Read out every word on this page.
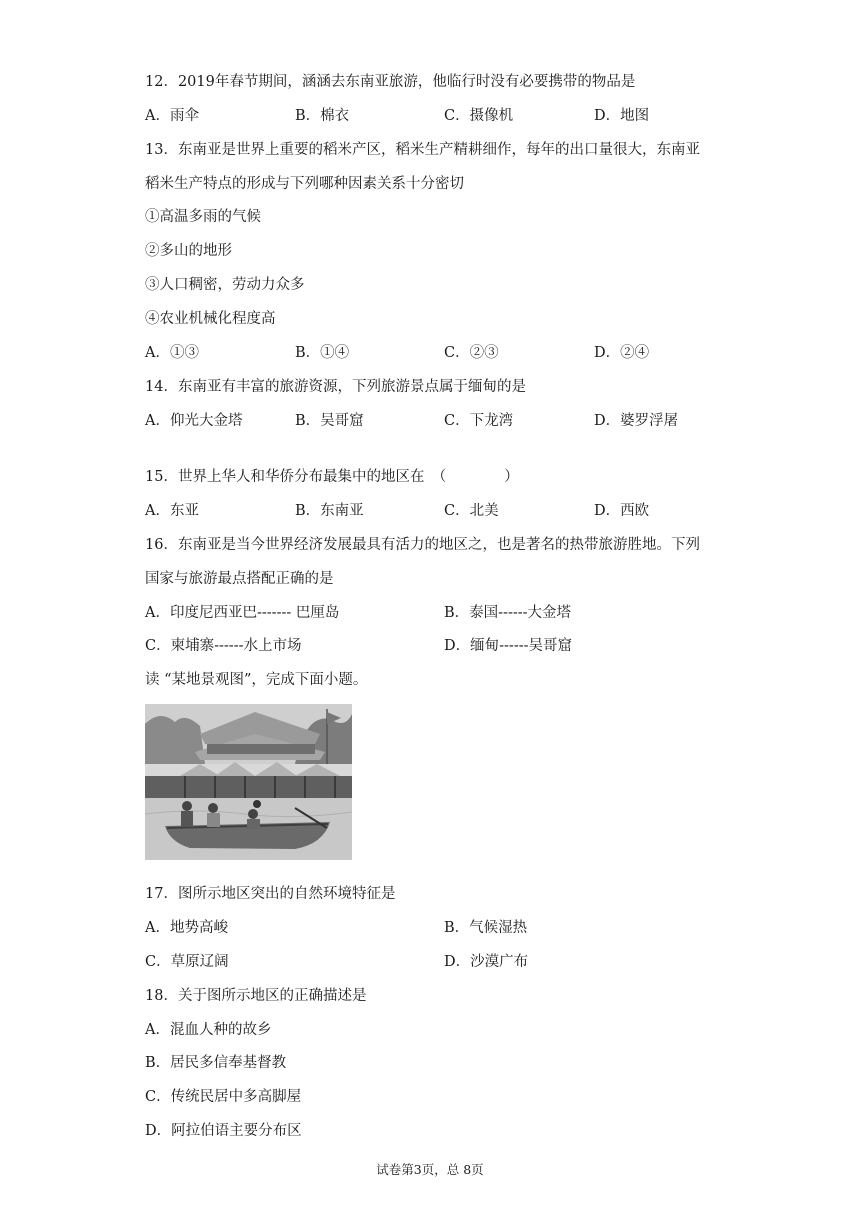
12．2019年春节期间，涵涵去东南亚旅游，他临行时没有必要携带的物品是
A．雨伞	B．棉衣	C．摄像机	D．地图
13．东南亚是世界上重要的稻米产区，稻米生产精耕细作，每年的出口量很大，东南亚
稻米生产特点的形成与下列哪种因素关系十分密切
①高温多雨的气候
②多山的地形
③人口稠密，劳动力众多
④农业机械化程度高
A．①③	B．①④	C．②③	D．②④
14．东南亚有丰富的旅游资源，下列旅游景点属于缅甸的是
A．仰光大金塔	B．吴哥窟	C．下龙湾	D．婆罗浮屠
15．世界上华人和华侨分布最集中的地区在　（　　　　）
A．东亚	B．东南亚	C．北美	D．西欧
16．东南亚是当今世界经济发展最具有活力的地区之，也是著名的热带旅游胜地。下列
国家与旅游最点搭配正确的是
A．印度尼西亚巴------- 巴厘岛	B．泰国------大金塔
C．柬埔寨------水上市场	D．缅甸------吴哥窟
读 “某地景观图”，完成下面小题。
17．图所示地区突出的自然环境特征是
A．地势高峻	B．气候湿热
C．草原辽阔	D．沙漠广布
18．关于图所示地区的正确描述是
A．混血人种的故乡
B．居民多信奉基督教
C．传统民居中多高脚屋
D．阿拉伯语主要分布区
试卷第3页，总 8页
